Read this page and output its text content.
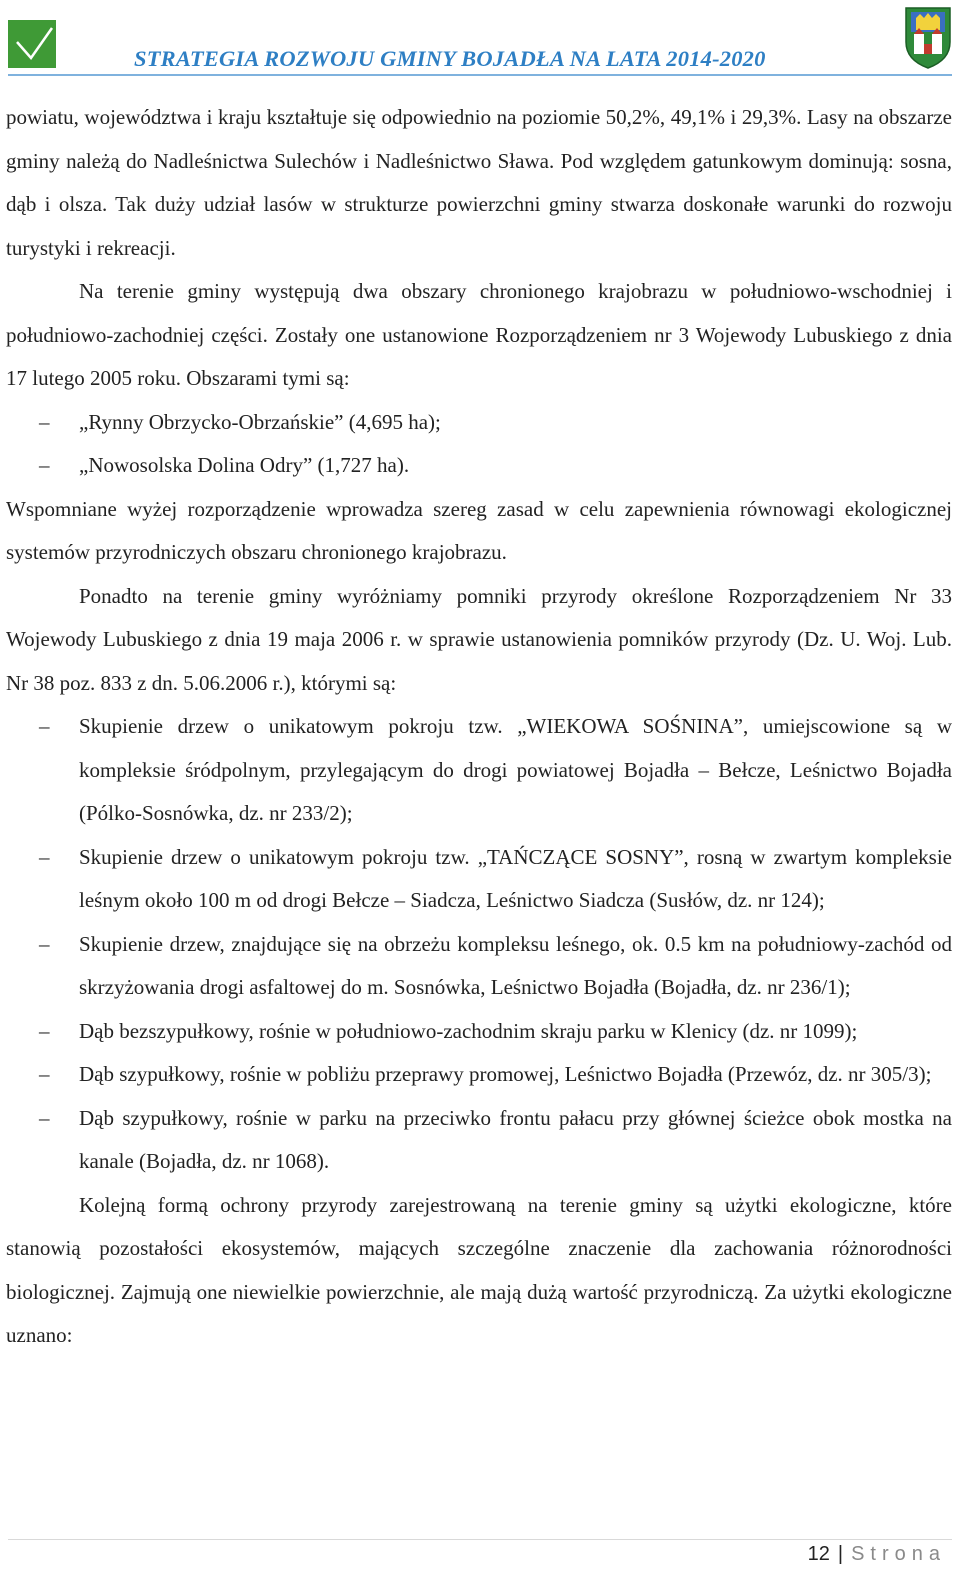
STRATEGIA ROZWOJU GMINY BOJADŁA NA LATA 2014-2020

powiatu, województwa i kraju kształtuje się odpowiednio na poziomie 50,2%, 49,1% i 29,3%. Lasy na obszarze gminy należą do Nadleśnictwa Sulechów i Nadleśnictwo Sława. Pod względem gatunkowym dominują: sosna, dąb i olsza. Tak duży udział lasów w strukturze powierzchni gminy stwarza doskonałe warunki do rozwoju turystyki i rekreacji.

Na terenie gminy występują dwa obszary chronionego krajobrazu w południowo-wschodniej i południowo-zachodniej części. Zostały one ustanowione Rozporządzeniem nr 3 Wojewody Lubuskiego z dnia 17 lutego 2005 roku. Obszarami tymi są:

– „Rynny Obrzycko-Obrzańskie” (4,695 ha);
– „Nowosolska Dolina Odry” (1,727 ha).

Wspomniane wyżej rozporządzenie wprowadza szereg zasad w celu zapewnienia równowagi ekologicznej systemów przyrodniczych obszaru chronionego krajobrazu.

Ponadto na terenie gminy wyróżniamy pomniki przyrody określone Rozporządzeniem Nr 33 Wojewody Lubuskiego z dnia 19 maja 2006 r. w sprawie ustanowienia pomników przyrody (Dz. U. Woj. Lub. Nr 38 poz. 833 z dn. 5.06.2006 r.), którymi są:

– Skupienie drzew o unikatowym pokroju tzw. „WIEKOWA SOŚNINA”, umiejscowione są w kompleksie śródpolnym, przylegającym do drogi powiatowej Bojadła – Bełcze, Leśnictwo Bojadła (Pólko-Sosnówka, dz. nr 233/2);
– Skupienie drzew o unikatowym pokroju tzw. „TAŃCZĄCE SOSNY”, rosną w zwartym kompleksie leśnym około 100 m od drogi Bełcze – Siadcza, Leśnictwo Siadcza (Susłów, dz. nr 124);
– Skupienie drzew, znajdujące się na obrzeżu kompleksu leśnego, ok. 0.5 km na południowy-zachód od skrzyżowania drogi asfaltowej do m. Sosnówka, Leśnictwo Bojadła (Bojadła, dz. nr 236/1);
– Dąb bezszypułkowy, rośnie w południowo-zachodnim skraju parku w Klenicy (dz. nr 1099);
– Dąb szypułkowy, rośnie w pobliżu przeprawy promowej, Leśnictwo Bojadła (Przewóz, dz. nr 305/3);
– Dąb szypułkowy, rośnie w parku na przeciwko frontu pałacu przy głównej ścieżce obok mostka na kanale (Bojadła, dz. nr 1068).

Kolejną formą ochrony przyrody zarejestrowaną na terenie gminy są użytki ekologiczne, które stanowią pozostałości ekosystemów, mających szczególne znaczenie dla zachowania różnorodności biologicznej. Zajmują one niewielkie powierzchnie, ale mają dużą wartość przyrodniczą. Za użytki ekologiczne uznano:

12 | Strona
